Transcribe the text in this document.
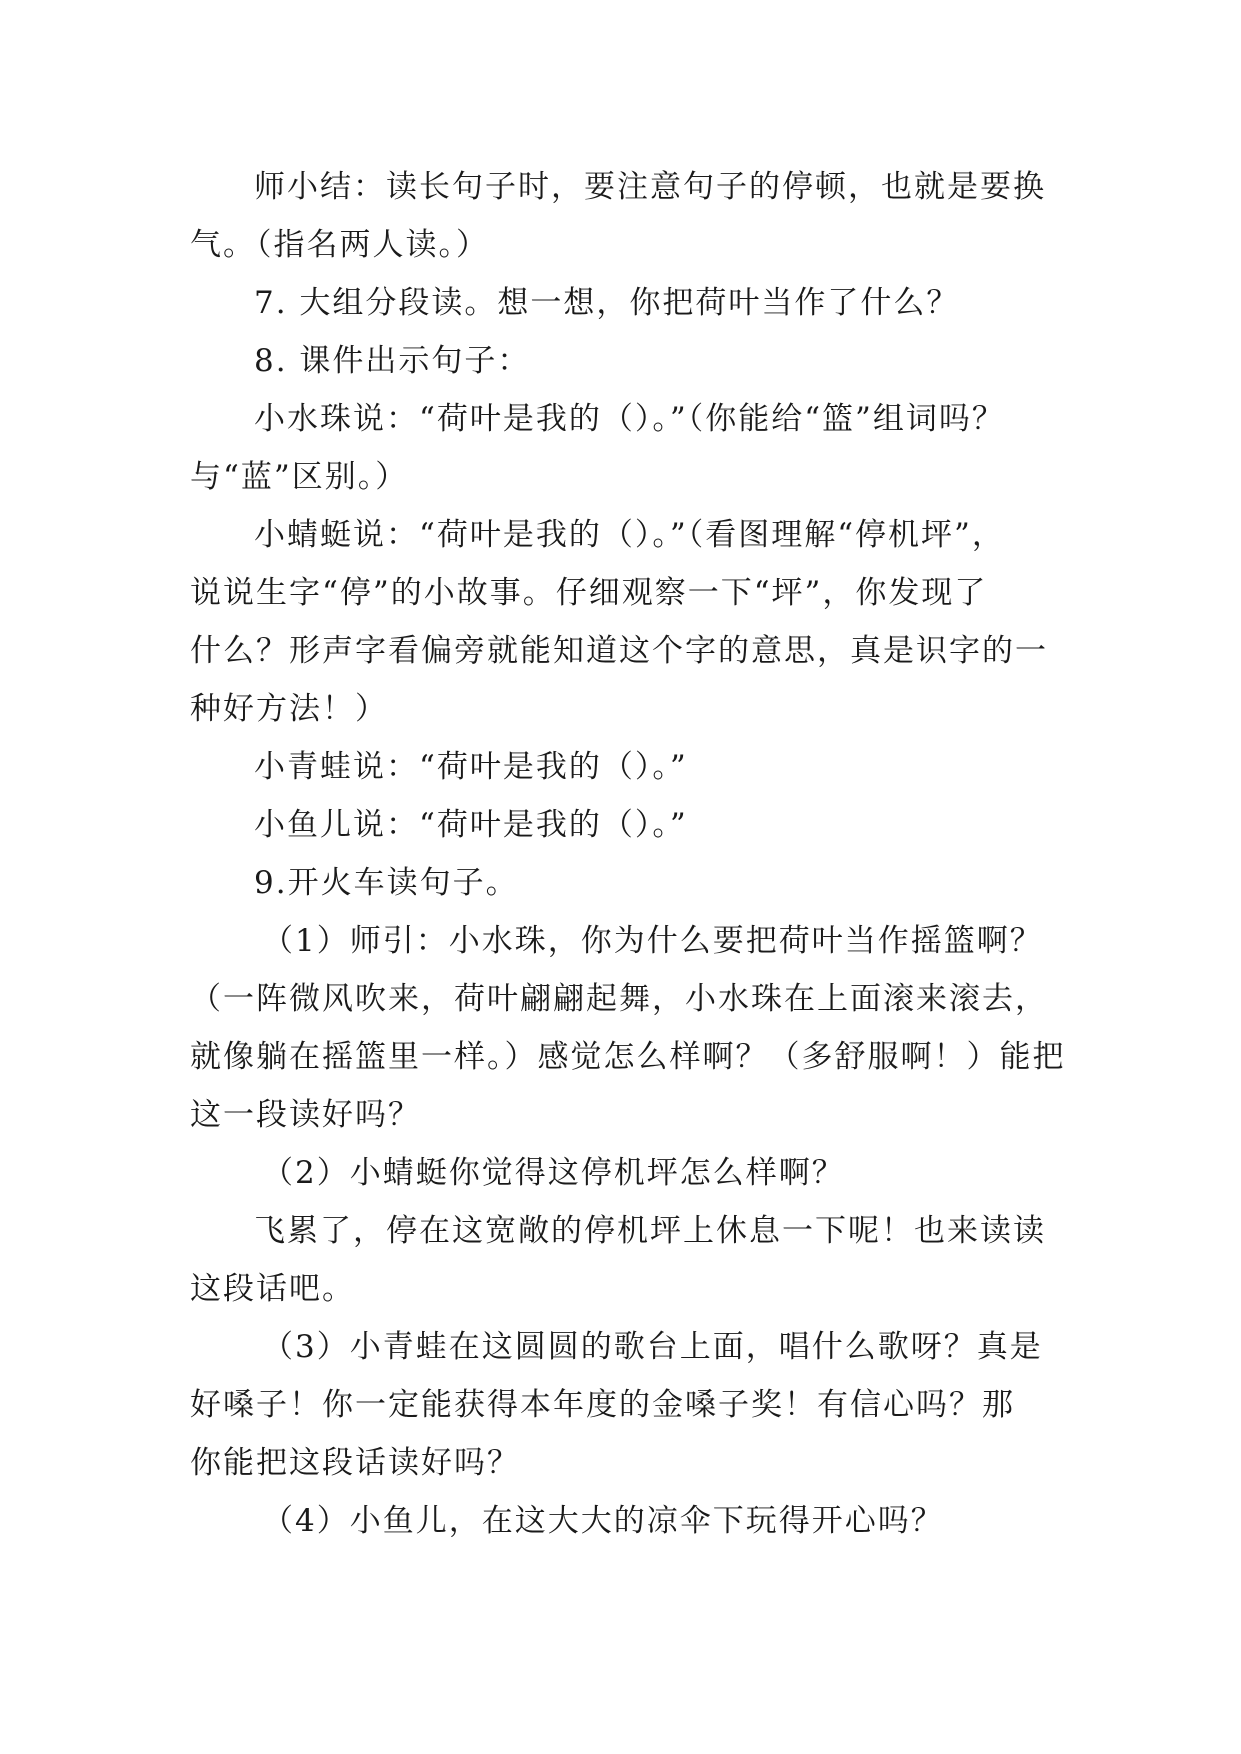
师小结：读长句子时，要注意句子的停顿，也就是要换
气。（指名两人读。）
7. 大组分段读。想一想，你把荷叶当作了什么？
8. 课件出示句子：
小水珠说：“荷叶是我的（）。”（你能给“篮”组词吗？
与“蓝”区别。）
小蜻蜓说：“荷叶是我的（）。”（看图理解“停机坪”，
说说生字“停”的小故事。仔细观察一下“坪”，你发现了
什么？形声字看偏旁就能知道这个字的意思，真是识字的一
种好方法！）
小青蛙说：“荷叶是我的（）。”
小鱼儿说：“荷叶是我的（）。”
9.开火车读句子。
（1）师引：小水珠，你为什么要把荷叶当作摇篮啊？
（一阵微风吹来，荷叶翩翩起舞，小水珠在上面滚来滚去，
就像躺在摇篮里一样。）感觉怎么样啊？（多舒服啊！）能把
这一段读好吗？
（2）小蜻蜓你觉得这停机坪怎么样啊？
飞累了，停在这宽敞的停机坪上休息一下呢！也来读读
这段话吧。
（3）小青蛙在这圆圆的歌台上面，唱什么歌呀？真是
好嗓子！你一定能获得本年度的金嗓子奖！有信心吗？那
你能把这段话读好吗？
（4）小鱼儿，在这大大的凉伞下玩得开心吗？
